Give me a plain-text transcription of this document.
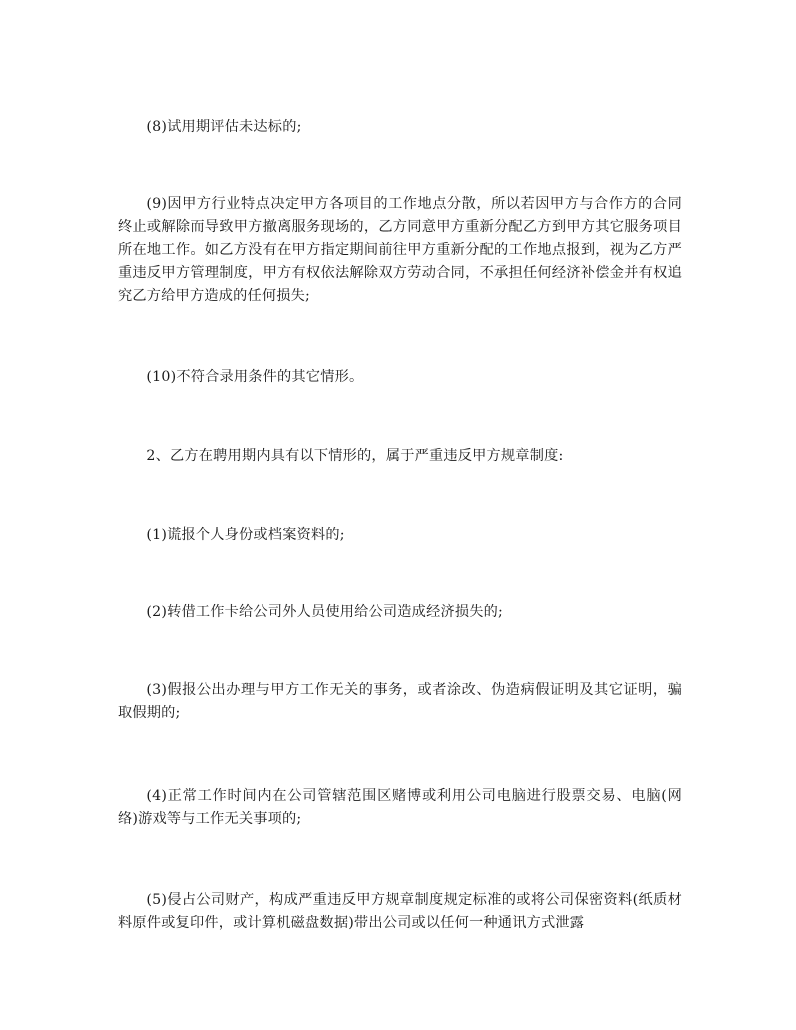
(8)试用期评估未达标的;

(9)因甲方行业特点决定甲方各项目的工作地点分散，所以若因甲方与合作方的合同终止或解除而导致甲方撤离服务现场的，乙方同意甲方重新分配乙方到甲方其它服务项目所在地工作。如乙方没有在甲方指定期间前往甲方重新分配的工作地点报到，视为乙方严重违反甲方管理制度，甲方有权依法解除双方劳动合同，不承担任何经济补偿金并有权追究乙方给甲方造成的任何损失;

(10)不符合录用条件的其它情形。

2、乙方在聘用期内具有以下情形的，属于严重违反甲方规章制度:

(1)谎报个人身份或档案资料的;

(2)转借工作卡给公司外人员使用给公司造成经济损失的;

(3)假报公出办理与甲方工作无关的事务，或者涂改、伪造病假证明及其它证明，骗取假期的;

(4)正常工作时间内在公司管辖范围区赌博或利用公司电脑进行股票交易、电脑(网络)游戏等与工作无关事项的;

(5)侵占公司财产，构成严重违反甲方规章制度规定标准的或将公司保密资料(纸质材料原件或复印件，或计算机磁盘数据)带出公司或以任何一种通讯方式泄露
